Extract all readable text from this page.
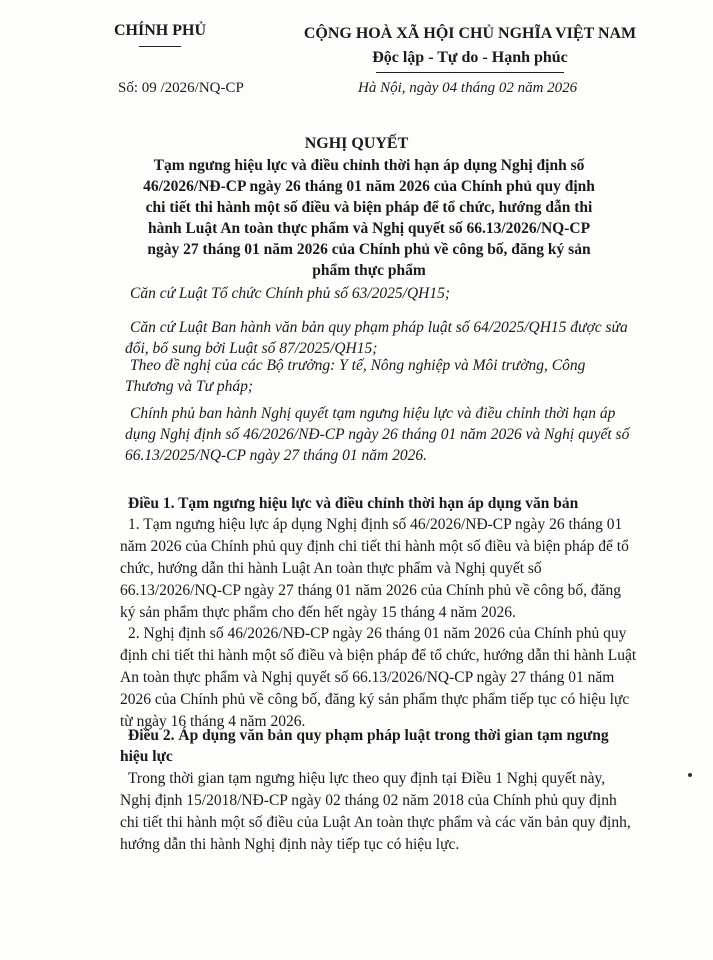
CHÍNH PHỦ	CỘNG HOÀ XÃ HỘI CHỦ NGHĨA VIỆT NAM
Độc lập - Tự do - Hạnh phúc
Số: 09 /2026/NQ-CP	Hà Nội, ngày 04 tháng 02 năm 2026
NGHỊ QUYẾT
Tạm ngưng hiệu lực và điều chỉnh thời hạn áp dụng Nghị định số 46/2026/NĐ-CP ngày 26 tháng 01 năm 2026 của Chính phủ quy định chi tiết thi hành một số điều và biện pháp để tổ chức, hướng dẫn thi hành Luật An toàn thực phẩm và Nghị quyết số 66.13/2026/NQ-CP ngày 27 tháng 01 năm 2026 của Chính phủ về công bố, đăng ký sản phẩm thực phẩm
Căn cứ Luật Tổ chức Chính phủ số 63/2025/QH15;
Căn cứ Luật Ban hành văn bản quy phạm pháp luật số 64/2025/QH15 được sửa đổi, bổ sung bởi Luật số 87/2025/QH15;
Theo đề nghị của các Bộ trưởng: Y tế, Nông nghiệp và Môi trường, Công Thương và Tư pháp;
Chính phủ ban hành Nghị quyết tạm ngưng hiệu lực và điều chỉnh thời hạn áp dụng Nghị định số 46/2026/NĐ-CP ngày 26 tháng 01 năm 2026 và Nghị quyết số 66.13/2025/NQ-CP ngày 27 tháng 01 năm 2026.
Điều 1. Tạm ngưng hiệu lực và điều chỉnh thời hạn áp dụng văn bản
1. Tạm ngưng hiệu lực áp dụng Nghị định số 46/2026/NĐ-CP ngày 26 tháng 01 năm 2026 của Chính phủ quy định chi tiết thi hành một số điều và biện pháp để tổ chức, hướng dẫn thi hành Luật An toàn thực phẩm và Nghị quyết số 66.13/2026/NQ-CP ngày 27 tháng 01 năm 2026 của Chính phủ về công bố, đăng ký sản phẩm thực phẩm cho đến hết ngày 15 tháng 4 năm 2026.
2. Nghị định số 46/2026/NĐ-CP ngày 26 tháng 01 năm 2026 của Chính phủ quy định chi tiết thi hành một số điều và biện pháp để tổ chức, hướng dẫn thi hành Luật An toàn thực phẩm và Nghị quyết số 66.13/2026/NQ-CP ngày 27 tháng 01 năm 2026 của Chính phủ về công bố, đăng ký sản phẩm thực phẩm tiếp tục có hiệu lực từ ngày 16 tháng 4 năm 2026.
Điều 2. Áp dụng văn bản quy phạm pháp luật trong thời gian tạm ngưng hiệu lực
Trong thời gian tạm ngưng hiệu lực theo quy định tại Điều 1 Nghị quyết này, Nghị định 15/2018/NĐ-CP ngày 02 tháng 02 năm 2018 của Chính phủ quy định chi tiết thi hành một số điều của Luật An toàn thực phẩm và các văn bản quy định, hướng dẫn thi hành Nghị định này tiếp tục có hiệu lực.
